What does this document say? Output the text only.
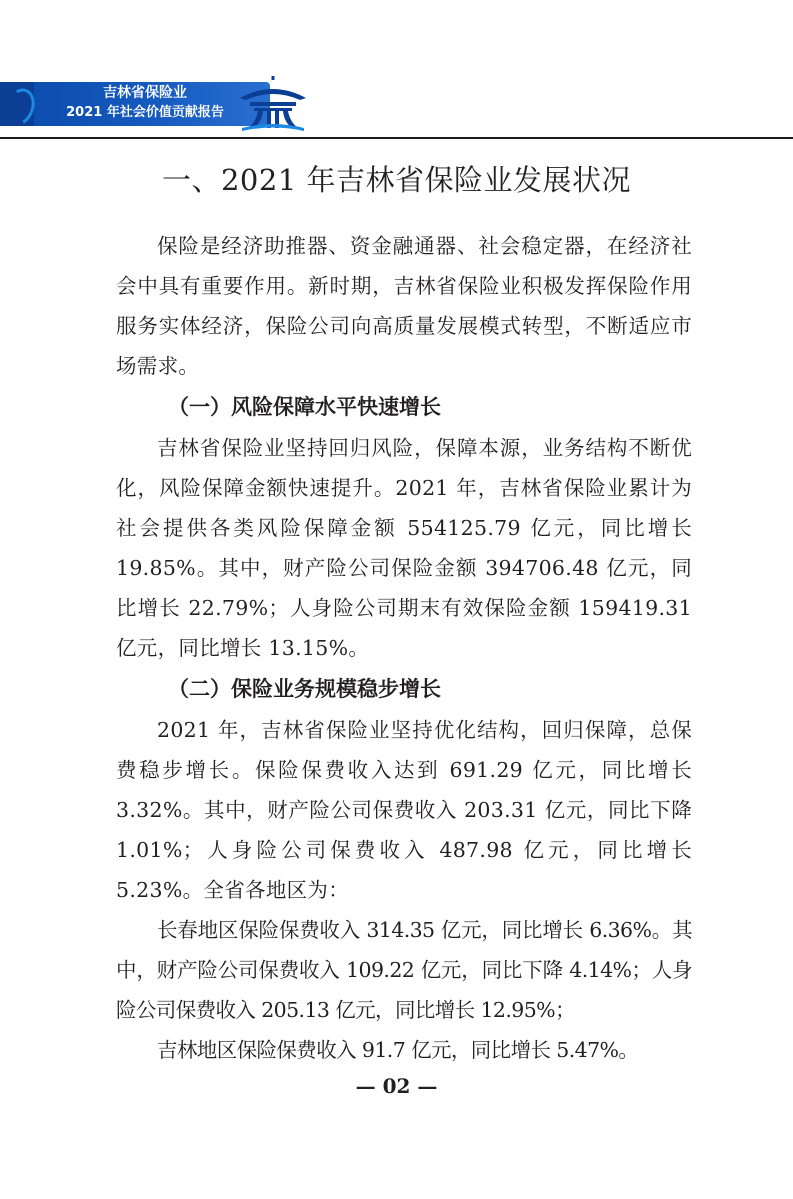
吉林省保险业
2021 年社会价值贡献报告
一、2021 年吉林省保险业发展状况

保险是经济助推器、资金融通器、社会稳定器，在经济社会中具有重要作用。新时期，吉林省保险业积极发挥保险作用服务实体经济，保险公司向高质量发展模式转型，不断适应市场需求。

（一）风险保障水平快速增长

吉林省保险业坚持回归风险，保障本源，业务结构不断优化，风险保障金额快速提升。2021 年，吉林省保险业累计为社会提供各类风险保障金额 554125.79 亿元，同比增长 19.85%。其中，财产险公司保险金额 394706.48 亿元，同比增长 22.79%；人身险公司期末有效保险金额 159419.31 亿元，同比增长 13.15%。

（二）保险业务规模稳步增长

2021 年，吉林省保险业坚持优化结构，回归保障，总保费稳步增长。保险保费收入达到 691.29 亿元，同比增长 3.32%。其中，财产险公司保费收入 203.31 亿元，同比下降 1.01%；人身险公司保费收入 487.98 亿元，同比增长 5.23%。全省各地区为：

长春地区保险保费收入 314.35 亿元，同比增长 6.36%。其中，财产险公司保费收入 109.22 亿元，同比下降 4.14%；人身险公司保费收入 205.13 亿元，同比增长 12.95%；

吉林地区保险保费收入 91.7 亿元，同比增长 5.47%。

— 02 —
